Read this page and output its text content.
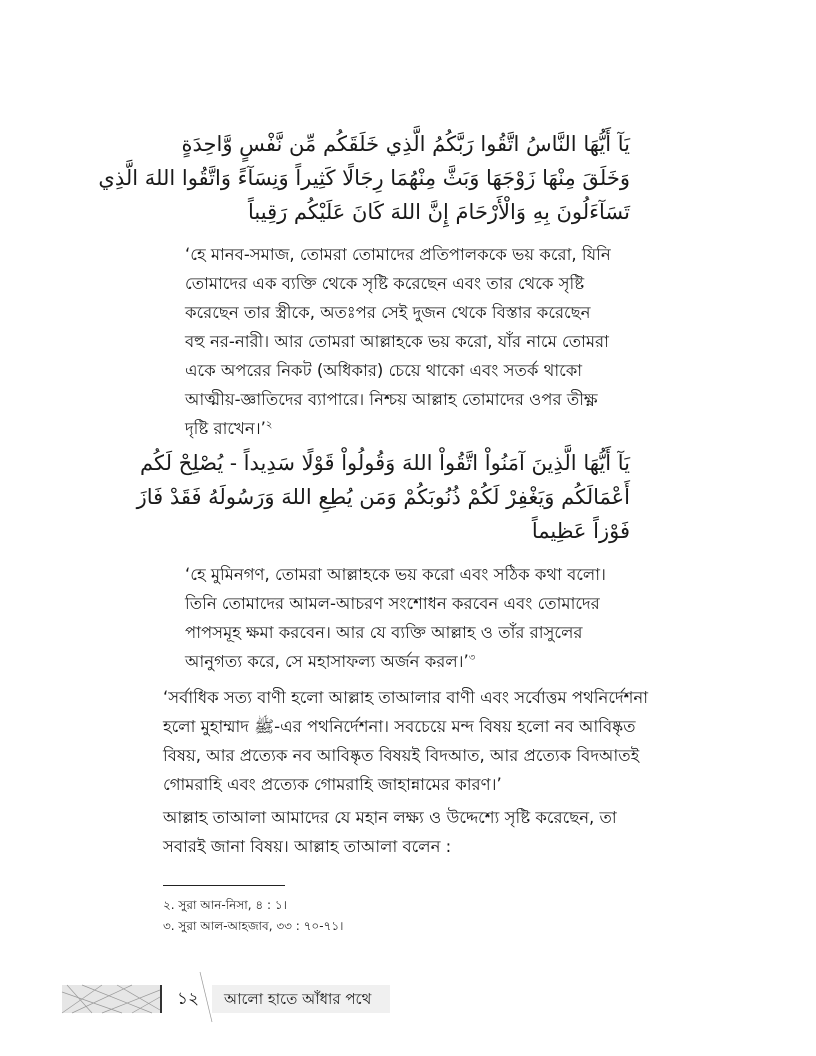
يَآ أَيُّهَا النَّاسُ اتَّقُوا رَبَّكُمُ الَّذِي خَلَقَكُم مِّن نَّفْسٍ وَّاحِدَةٍ
وَخَلَقَ مِنْهَا زَوْجَهَا وَبَثَّ مِنْهُمَا رِجَالًا كَثِيراً وَنِسَآءً وَاتَّقُوا اللهَ الَّذِي
تَسَآءَلُونَ بِهِ وَالْأَرْحَامَ إِنَّ اللهَ كَانَ عَلَيْكُم رَقِيباً
‘হে মানব-সমাজ, তোমরা তোমাদের প্রতিপালককে ভয় করো, যিনি
তোমাদের এক ব্যক্তি থেকে সৃষ্টি করেছেন এবং তার থেকে সৃষ্টি
করেছেন তার স্ত্রীকে, অতঃপর সেই দুজন থেকে বিস্তার করেছেন
বহু নর-নারী। আর তোমরা আল্লাহকে ভয় করো, যাঁর নামে তোমরা
একে অপরের নিকট (অধিকার) চেয়ে থাকো এবং সতর্ক থাকো
আত্মীয়-জ্ঞাতিদের ব্যাপারে। নিশ্চয় আল্লাহ তোমাদের ওপর তীক্ষ্ণ
দৃষ্টি রাখেন।’$^২$
يَآ أَيُّهَا الَّذِينَ آمَنُواْ اتَّقُواْ اللهَ وَقُولُواْ قَوْلًا سَدِيداً - يُصْلِحْ لَكُم
أَعْمَالَكُم وَيَغْفِرْ لَكُمْ ذُنُوبَكُمْ وَمَن يُطِعِ اللهَ وَرَسُولَهُ فَقَدْ فَازَ
فَوْزاً عَظِيماً
‘হে মুমিনগণ, তোমরা আল্লাহকে ভয় করো এবং সঠিক কথা বলো।
তিনি তোমাদের আমল-আচরণ সংশোধন করবেন এবং তোমাদের
পাপসমূহ ক্ষমা করবেন। আর যে ব্যক্তি আল্লাহ ও তাঁর রাসুলের
আনুগত্য করে, সে মহাসাফল্য অর্জন করল।’$^৩$
‘সর্বাধিক সত্য বাণী হলো আল্লাহ তাআলার বাণী এবং সর্বোত্তম পথনির্দেশনা
হলো মুহাম্মাদ ﷺ-এর পথনির্দেশনা। সবচেয়ে মন্দ বিষয় হলো নব আবিষ্কৃত
বিষয়, আর প্রত্যেক নব আবিষ্কৃত বিষয়ই বিদআত, আর প্রত্যেক বিদআতই
গোমরাহি এবং প্রত্যেক গোমরাহি জাহান্নামের কারণ।’
আল্লাহ তাআলা আমাদের যে মহান লক্ষ্য ও উদ্দেশ্যে সৃষ্টি করেছেন, তা
সবারই জানা বিষয়। আল্লাহ তাআলা বলেন :
২. সুরা আন-নিসা, ৪ : ১।
৩. সুরা আল-আহজাব, ৩৩ : ৭০-৭১।
১২	আলো হাতে আঁধার পথে
